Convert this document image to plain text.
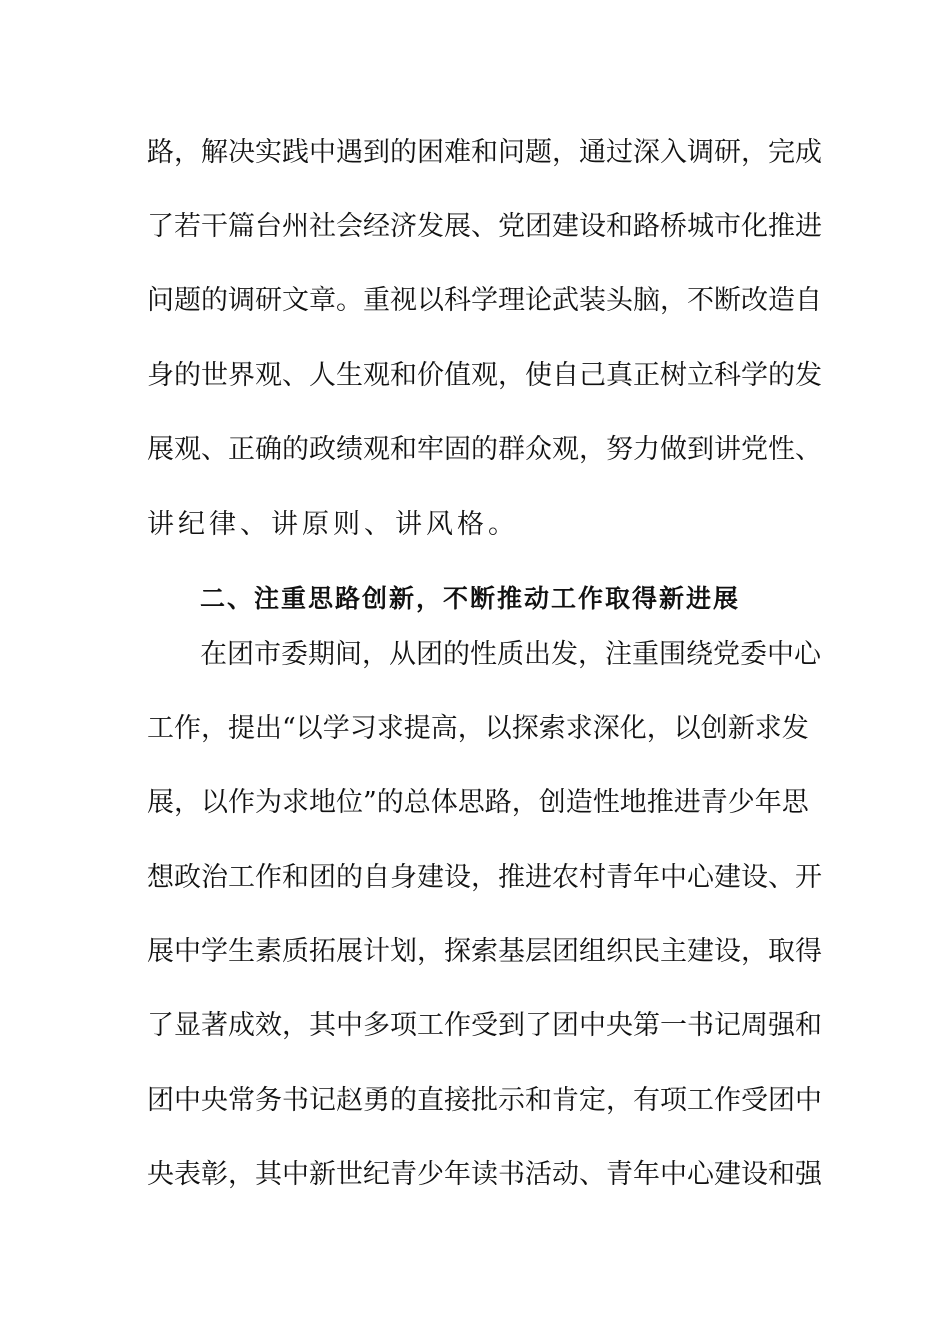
路，解决实践中遇到的困难和问题，通过深入调研，完成
了若干篇台州社会经济发展、党团建设和路桥城市化推进
问题的调研文章。重视以科学理论武装头脑，不断改造自
身的世界观、人生观和价值观，使自己真正树立科学的发
展观、正确的政绩观和牢固的群众观，努力做到讲党性、
讲纪律、讲原则、讲风格。
二、注重思路创新，不断推动工作取得新进展
在团市委期间，从团的性质出发，注重围绕党委中心
工作，提出“以学习求提高，以探索求深化，以创新求发
展，以作为求地位”的总体思路，创造性地推进青少年思
想政治工作和团的自身建设，推进农村青年中心建设、开
展中学生素质拓展计划，探索基层团组织民主建设，取得
了显著成效，其中多项工作受到了团中央第一书记周强和
团中央常务书记赵勇的直接批示和肯定，有项工作受团中
央表彰，其中新世纪青少年读书活动、青年中心建设和强
